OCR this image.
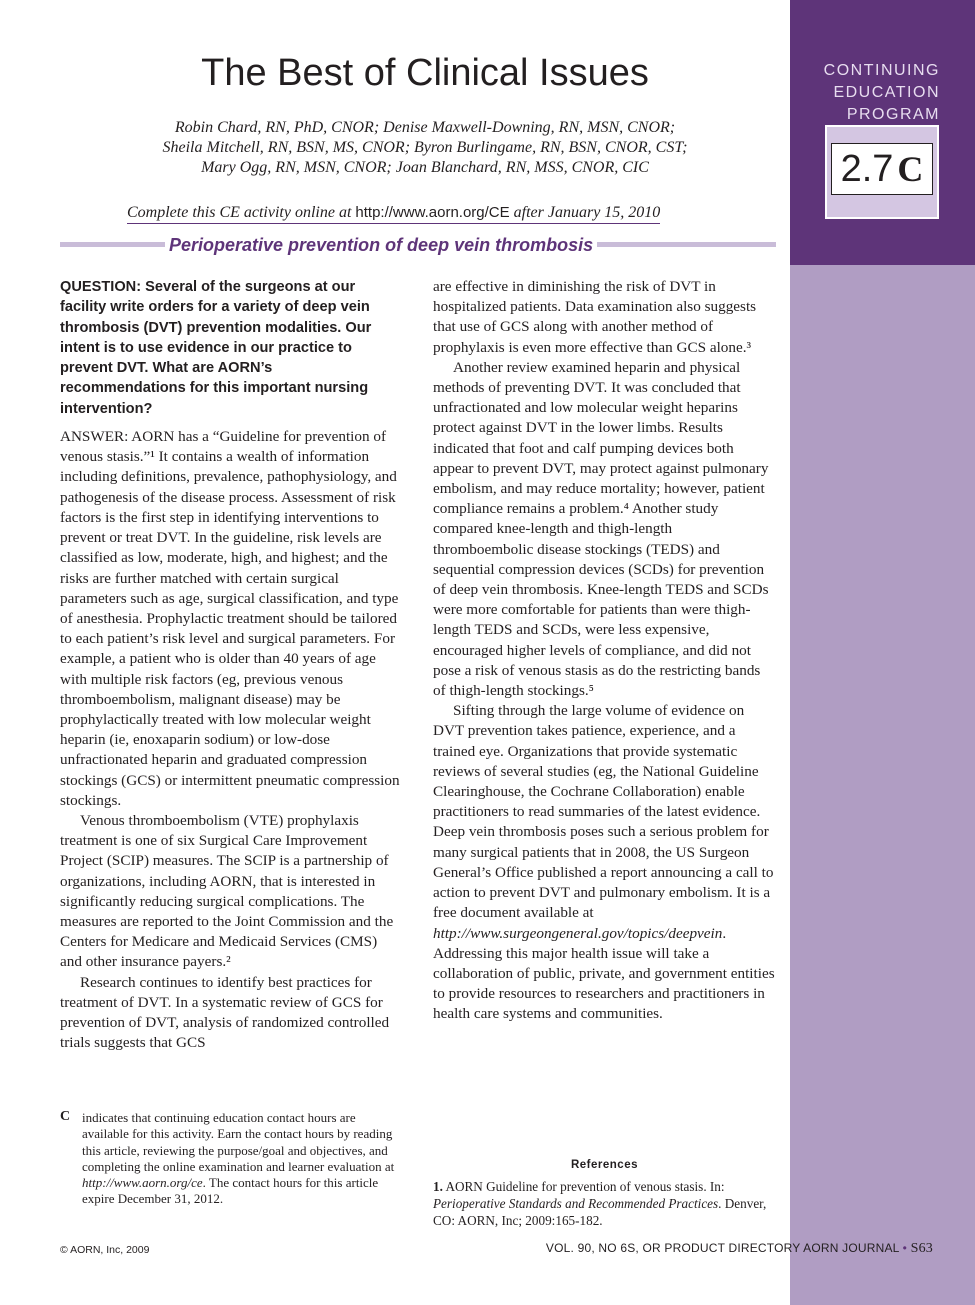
CONTINUING
EDUCATION
PROGRAM
2.7 C
The Best of Clinical Issues
Robin Chard, RN, PhD, CNOR; Denise Maxwell-Downing, RN, MSN, CNOR;
Sheila Mitchell, RN, BSN, MS, CNOR; Byron Burlingame, RN, BSN, CNOR, CST;
Mary Ogg, RN, MSN, CNOR; Joan Blanchard, RN, MSS, CNOR, CIC
Complete this CE activity online at http://www.aorn.org/CE after January 15, 2010
Perioperative prevention of deep vein thrombosis

QUESTION: Several of the surgeons at our facility write orders for a variety of deep vein thrombosis (DVT) prevention modalities. Our intent is to use evidence in our practice to prevent DVT. What are AORN’s recommendations for this important nursing intervention?

ANSWER: AORN has a “Guideline for prevention of venous stasis.”¹ It contains a wealth of information including definitions, prevalence, pathophysiology, and pathogenesis of the disease process. Assessment of risk factors is the first step in identifying interventions to prevent or treat DVT. In the guideline, risk levels are classified as low, moderate, high, and highest; and the risks are further matched with certain surgical parameters such as age, surgical classification, and type of anesthesia. Prophylactic treatment should be tailored to each patient’s risk level and surgical parameters. For example, a patient who is older than 40 years of age with multiple risk factors (eg, previous venous thromboembolism, malignant disease) may be prophylactically treated with low molecular weight heparin (ie, enoxaparin sodium) or low-dose unfractionated heparin and graduated compression stockings (GCS) or intermittent pneumatic compression stockings.

Venous thromboembolism (VTE) prophylaxis treatment is one of six Surgical Care Improvement Project (SCIP) measures. The SCIP is a partnership of organizations, including AORN, that is interested in significantly reducing surgical complications. The measures are reported to the Joint Commission and the Centers for Medicare and Medicaid Services (CMS) and other insurance payers.²

Research continues to identify best practices for treatment of DVT. In a systematic review of GCS for prevention of DVT, analysis of randomized controlled trials suggests that GCS

are effective in diminishing the risk of DVT in hospitalized patients. Data examination also suggests that use of GCS along with another method of prophylaxis is even more effective than GCS alone.³

Another review examined heparin and physical methods of preventing DVT. It was concluded that unfractionated and low molecular weight heparins protect against DVT in the lower limbs. Results indicated that foot and calf pumping devices both appear to prevent DVT, may protect against pulmonary embolism, and may reduce mortality; however, patient compliance remains a problem.⁴ Another study compared knee-length and thigh-length thromboembolic disease stockings (TEDS) and sequential compression devices (SCDs) for prevention of deep vein thrombosis. Knee-length TEDS and SCDs were more comfortable for patients than were thigh-length TEDS and SCDs, were less expensive, encouraged higher levels of compliance, and did not pose a risk of venous stasis as do the restricting bands of thigh-length stockings.⁵

Sifting through the large volume of evidence on DVT prevention takes patience, experience, and a trained eye. Organizations that provide systematic reviews of several studies (eg, the National Guideline Clearinghouse, the Cochrane Collaboration) enable practitioners to read summaries of the latest evidence. Deep vein thrombosis poses such a serious problem for many surgical patients that in 2008, the US Surgeon General’s Office published a report announcing a call to action to prevent DVT and pulmonary embolism. It is a free document available at http://www.surgeongeneral.gov/topics/deepvein. Addressing this major health issue will take a collaboration of public, private, and government entities to provide resources to researchers and practitioners in health care systems and communities.

C indicates that continuing education contact hours are available for this activity. Earn the contact hours by reading this article, reviewing the purpose/goal and objectives, and completing the online examination and learner evaluation at http://www.aorn.org/ce. The contact hours for this article expire December 31, 2012.
References
1. AORN Guideline for prevention of venous stasis. In: Perioperative Standards and Recommended Practices. Denver, CO: AORN, Inc; 2009:165-182.
© AORN, Inc, 2009	VOL. 90, NO 6S, OR PRODUCT DIRECTORY AORN JOURNAL • S63
